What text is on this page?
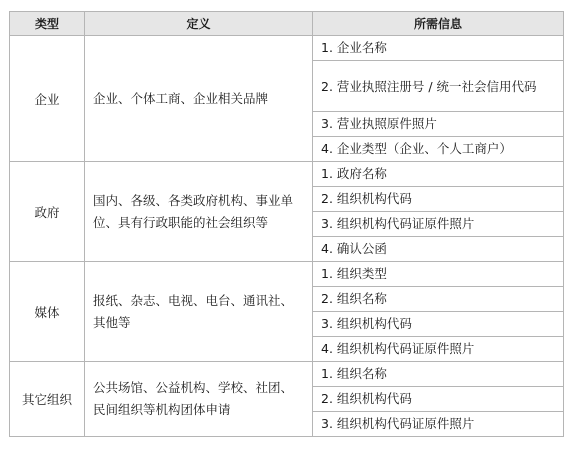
类型	定义	所需信息
企业	企业、个体工商、企业相关品牌	1. 企业名称
		2. 营业执照注册号 / 统一社会信用代码
		3. 营业执照原件照片
		4. 企业类型（企业、个人工商户）
政府	国内、各级、各类政府机构、事业单位、具有行政职能的社会组织等	1. 政府名称
		2. 组织机构代码
		3. 组织机构代码证原件照片
		4. 确认公函
媒体	报纸、杂志、电视、电台、通讯社、其他等	1. 组织类型
		2. 组织名称
		3. 组织机构代码
		4. 组织机构代码证原件照片
其它组织	公共场馆、公益机构、学校、社团、民间组织等机构团体申请	1. 组织名称
		2. 组织机构代码
		3. 组织机构代码证原件照片
